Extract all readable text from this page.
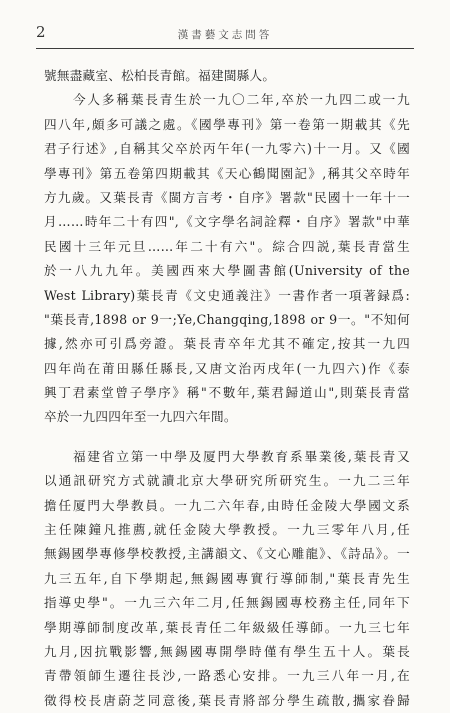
2	漢書藝文志問答
號無盡藏室、松柏長青館。福建閩縣人。
　　今人多稱葉長青生於一九〇二年,卒於一九四二或一九
四八年,頗多可議之處。《國學專刊》第一卷第一期載其《先
君子行述》,自稱其父卒於丙午年(一九零六)十一月。又《國
學專刊》第五卷第四期載其《天心鶴聞園記》,稱其父卒時年
方九歲。又葉長青《閩方言考・自序》署款"民國十一年十一
月……時年二十有四",《文字學名詞詮釋・自序》署款"中華
民國十三年元旦……年二十有六"。綜合四説,葉長青當生
於一八九九年。美國西來大學圖書館(University of the
West Library)葉長青《文史通義注》一書作者一項著録爲:
"葉長青,1898 or 9一;Ye,Changqing,1898 or 9一。"不知何
據,然亦可引爲旁證。葉長青卒年尤其不確定,按其一九四
四年尚在莆田縣任縣長,又唐文治丙戌年(一九四六)作《泰
興丁君素堂曾子學序》稱"不數年,葉君歸道山",則葉長青當
卒於一九四四年至一九四六年間。
　　福建省立第一中學及厦門大學教育系畢業後,葉長青又
以通訊研究方式就讀北京大學研究所研究生。一九二三年
擔任厦門大學教員。一九二六年春,由時任金陵大學國文系
主任陳鐘凡推薦,就任金陵大學教授。一九三零年八月,任
無錫國學專修學校教授,主講韻文、《文心雕龍》、《詩品》。一
九三五年,自下學期起,無錫國專實行導師制,"葉長青先生
指導史學"。一九三六年二月,任無錫國專校務主任,同年下
學期導師制度改革,葉長青任二年級級任導師。一九三七年
九月,因抗戰影響,無錫國專開學時僅有學生五十人。葉長
青帶領師生遷往長沙,一路悉心安排。一九三八年一月,在
徵得校長唐蔚芝同意後,葉長青將部分學生疏散,攜家眷歸
